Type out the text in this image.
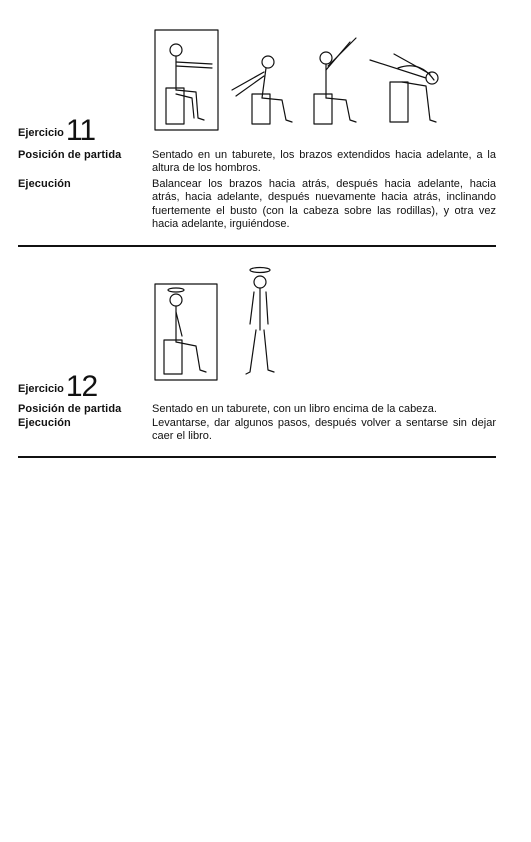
Ejercicio11
Posición de partida	Sentado en un taburete, los brazos extendidos hacia adelante, a la altura de los hombros.
Ejecución	Balancear los brazos hacia atrás, después hacia adelante, hacia atrás, hacia adelante, después nuevamente hacia atrás, inclinando fuertemente el busto (con la cabeza sobre las rodillas), y otra vez hacia adelante, irguiéndose.
Ejercicio12
Posición de partida	Sentado en un taburete, con un libro encima de la cabeza.
Ejecución	Levantarse, dar algunos pasos, después volver a sentarse sin dejar caer el libro.
